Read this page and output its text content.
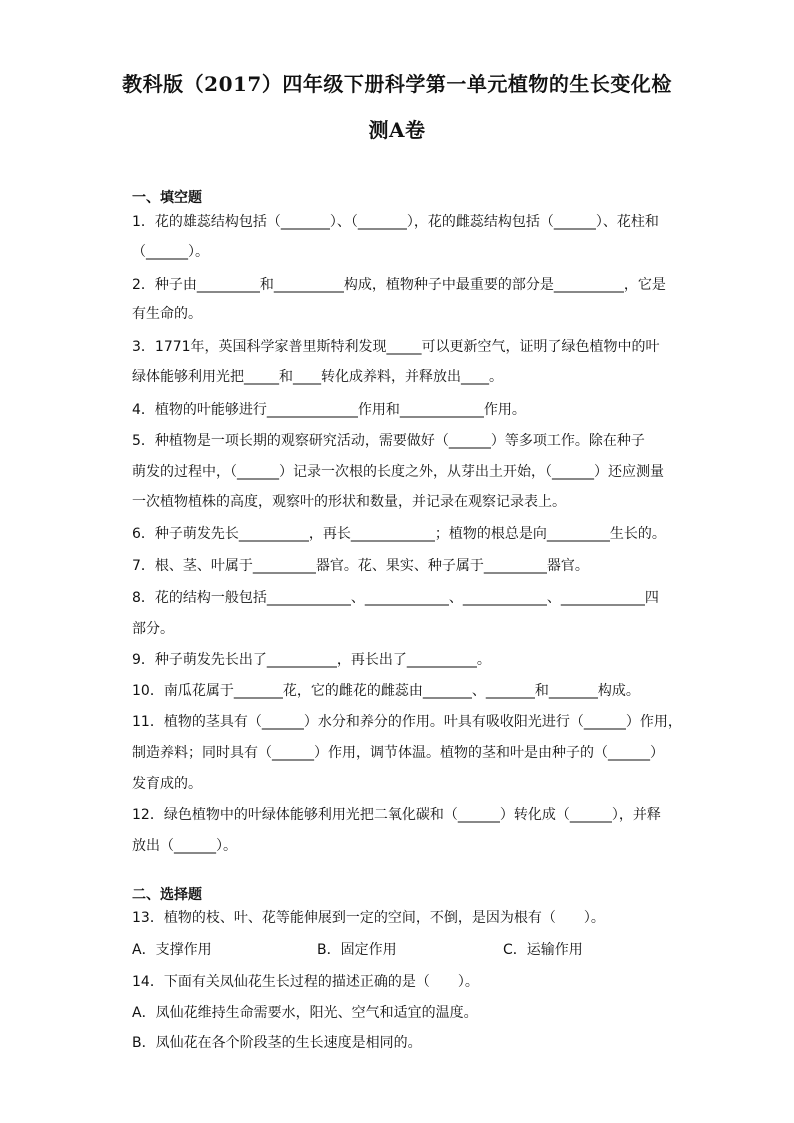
教科版（2017）四年级下册科学第一单元植物的生长变化检
测A卷
一、填空题
1．花的雄蕊结构包括（_______）、（_______），花的雌蕊结构包括（______）、花柱和
（______）。
2．种子由_________和__________构成，植物种子中最重要的部分是__________，它是
有生命的。
3．1771年，英国科学家普里斯特利发现_____可以更新空气，证明了绿色植物中的叶
绿体能够利用光把_____和____转化成养料，并释放出____。
4．植物的叶能够进行_____________作用和____________作用。
5．种植物是一项长期的观察研究活动，需要做好（______）等多项工作。除在种子
萌发的过程中，（______）记录一次根的长度之外，从芽出土开始，（______）还应测量
一次植物植株的高度，观察叶的形状和数量，并记录在观察记录表上。
6．种子萌发先长__________，再长____________；植物的根总是向_________生长的。
7．根、茎、叶属于_________器官。花、果实、种子属于_________器官。
8．花的结构一般包括____________、____________、____________、____________四
部分。
9．种子萌发先长出了__________，再长出了__________。
10．南瓜花属于_______花，它的雌花的雌蕊由_______、_______和_______构成。
11．植物的茎具有（______）水分和养分的作用。叶具有吸收阳光进行（______）作用，
制造养料；同时具有（______）作用，调节体温。植物的茎和叶是由种子的（______）
发育成的。
12．绿色植物中的叶绿体能够利用光把二氧化碳和（______）转化成（______），并释
放出（______）。
二、选择题
13．植物的枝、叶、花等能伸展到一定的空间，不倒，是因为根有（　　）。
A．支撑作用	B．固定作用	C．运输作用
14．下面有关凤仙花生长过程的描述正确的是（　　）。
A．凤仙花维持生命需要水，阳光、空气和适宜的温度。
B．凤仙花在各个阶段茎的生长速度是相同的。
